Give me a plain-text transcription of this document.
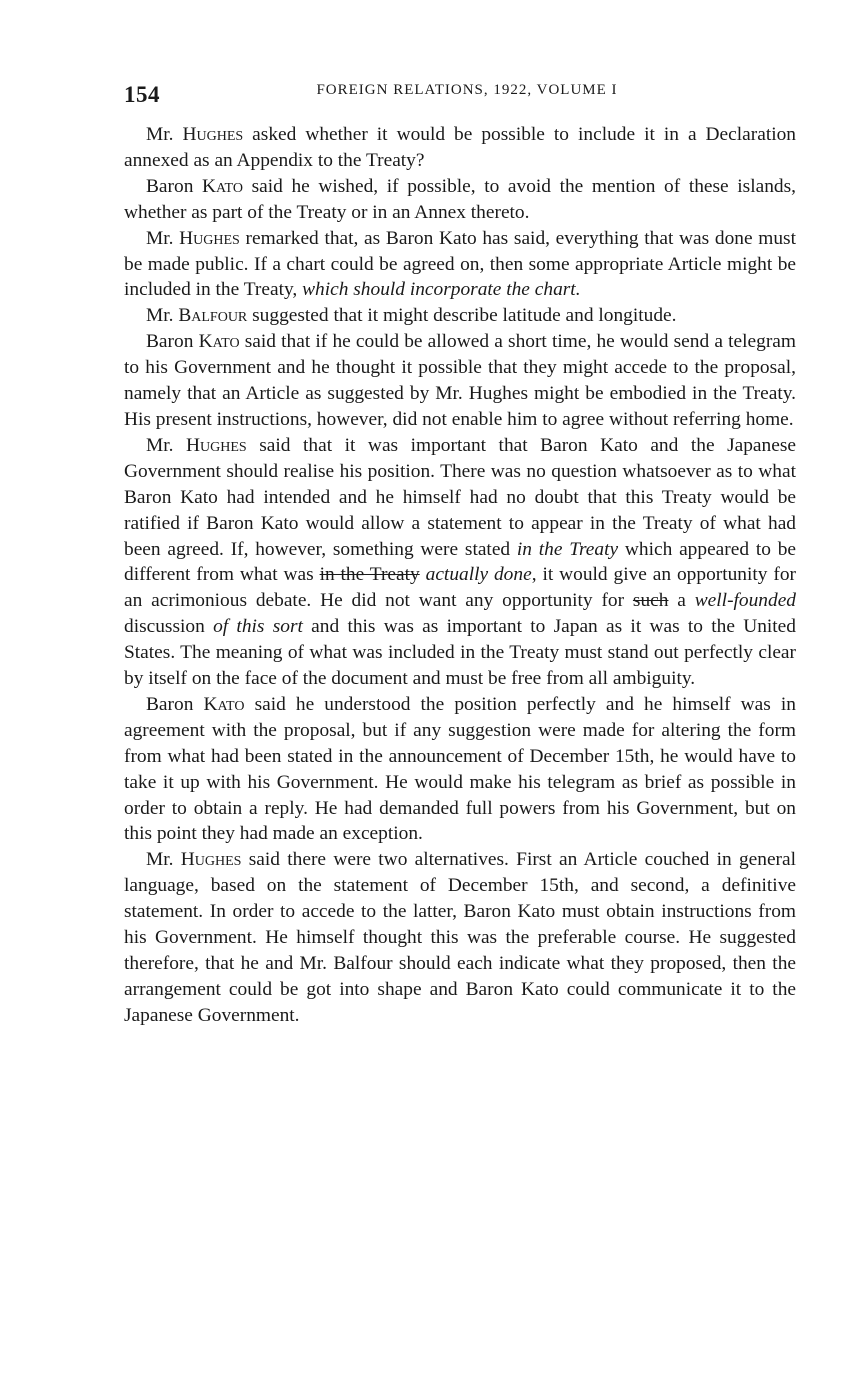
154	FOREIGN RELATIONS, 1922, VOLUME I

Mr. Hughes asked whether it would be possible to include it in a Declaration annexed as an Appendix to the Treaty?

Baron Kato said he wished, if possible, to avoid the mention of these islands, whether as part of the Treaty or in an Annex thereto.

Mr. Hughes remarked that, as Baron Kato has said, everything that was done must be made public. If a chart could be agreed on, then some appropriate Article might be included in the Treaty, which should incorporate the chart.

Mr. Balfour suggested that it might describe latitude and longitude.

Baron Kato said that if he could be allowed a short time, he would send a telegram to his Government and he thought it possible that they might accede to the proposal, namely that an Article as suggested by Mr. Hughes might be embodied in the Treaty. His present instructions, however, did not enable him to agree without referring home.

Mr. Hughes said that it was important that Baron Kato and the Japanese Government should realise his position. There was no question whatsoever as to what Baron Kato had intended and he himself had no doubt that this Treaty would be ratified if Baron Kato would allow a statement to appear in the Treaty of what had been agreed. If, however, something were stated in the Treaty which appeared to be different from what was in the Treaty actually done, it would give an opportunity for an acrimonious debate. He did not want any opportunity for such a well-founded discussion of this sort and this was as important to Japan as it was to the United States. The meaning of what was included in the Treaty must stand out perfectly clear by itself on the face of the document and must be free from all ambiguity.

Baron Kato said he understood the position perfectly and he himself was in agreement with the proposal, but if any suggestion were made for altering the form from what had been stated in the announcement of December 15th, he would have to take it up with his Government. He would make his telegram as brief as possible in order to obtain a reply. He had demanded full powers from his Government, but on this point they had made an exception.

Mr. Hughes said there were two alternatives. First an Article couched in general language, based on the statement of December 15th, and second, a definitive statement. In order to accede to the latter, Baron Kato must obtain instructions from his Government. He himself thought this was the preferable course. He suggested therefore, that he and Mr. Balfour should each indicate what they proposed, then the arrangement could be got into shape and Baron Kato could communicate it to the Japanese Government.
